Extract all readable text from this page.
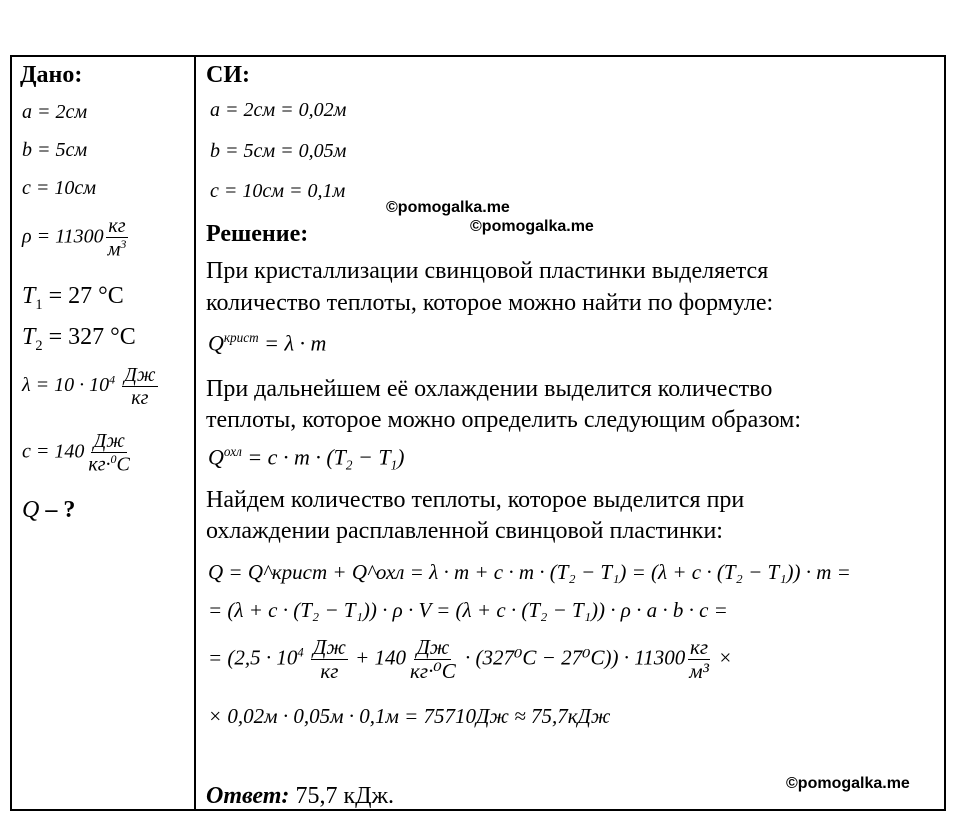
Дано:
a = 2см
b = 5см
c = 10см
$\rho = 11300 \frac{кг}{м^3}$
$T_1 = 27$ °С
$T_2 = 327$ °С
$\lambda = 10 \cdot 10^4 \frac{Дж}{кг}$
$c = 140 \frac{Дж}{кг\cdot^0С}$
Q – ?
СИ:
a = 2см = 0,02м
b = 5см = 0,05м
c = 10см = 0,1м
Решение:
При кристаллизации свинцовой пластинки выделяется
количество теплоты, которое можно найти по формуле:
$Q^{крист} = \lambda \cdot m$
При дальнейшем её охлаждении выделится количество
теплоты, которое можно определить следующим образом:
$Q^{охл} = c \cdot m \cdot (T_2 - T_1)$
Найдем количество теплоты, которое выделится при
охлаждении расплавленной свинцовой пластинки:
Q = Q^крист + Q^охл = λ · m + c · m · (T₂ − T₁) = (λ + c · (T₂ − T₁)) · m =
= (λ + c · (T₂ − T₁)) · ρ · V = (λ + c · (T₂ − T₁)) · ρ · a · b · c =
= $(2,5 \cdot 10^4 \frac{Дж}{кг} + 140 \frac{Дж}{\text{кг·⁰С}} \cdot (327^0С - 27^0С)) \cdot 11300 \frac{кг}{\text{м³}}$ ×
× 0,02м · 0,05м · 0,1м = 75710Дж ≈ 75,7кДж
Ответ: 75,7 кДж.
©pomogalka.me
©pomogalka.me
©pomogalka.me
